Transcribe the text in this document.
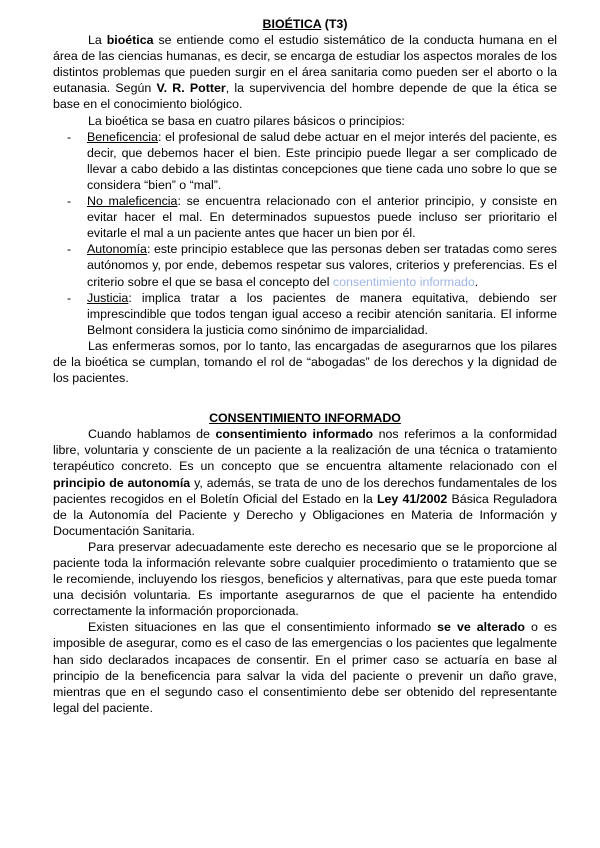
BIOÉTICA (T3)

La bioética se entiende como el estudio sistemático de la conducta humana en el área de las ciencias humanas, es decir, se encarga de estudiar los aspectos morales de los distintos problemas que pueden surgir en el área sanitaria como pueden ser el aborto o la eutanasia. Según V. R. Potter, la supervivencia del hombre depende de que la ética se base en el conocimiento biológico.

La bioética se basa en cuatro pilares básicos o principios:

- Beneficencia: el profesional de salud debe actuar en el mejor interés del paciente, es decir, que debemos hacer el bien. Este principio puede llegar a ser complicado de llevar a cabo debido a las distintas concepciones que tiene cada uno sobre lo que se considera “bien” o “mal”.
- No maleficencia: se encuentra relacionado con el anterior principio, y consiste en evitar hacer el mal. En determinados supuestos puede incluso ser prioritario el evitarle el mal a un paciente antes que hacer un bien por él.
- Autonomía: este principio establece que las personas deben ser tratadas como seres autónomos y, por ende, debemos respetar sus valores, criterios y preferencias. Es el criterio sobre el que se basa el concepto del consentimiento informado.
- Justicia: implica tratar a los pacientes de manera equitativa, debiendo ser imprescindible que todos tengan igual acceso a recibir atención sanitaria. El informe Belmont considera la justicia como sinónimo de imparcialidad.

Las enfermeras somos, por lo tanto, las encargadas de asegurarnos que los pilares de la bioética se cumplan, tomando el rol de “abogadas” de los derechos y la dignidad de los pacientes.

CONSENTIMIENTO INFORMADO

Cuando hablamos de consentimiento informado nos referimos a la conformidad libre, voluntaria y consciente de un paciente a la realización de una técnica o tratamiento terapéutico concreto. Es un concepto que se encuentra altamente relacionado con el principio de autonomía y, además, se trata de uno de los derechos fundamentales de los pacientes recogidos en el Boletín Oficial del Estado en la Ley 41/2002 Básica Reguladora de la Autonomía del Paciente y Derecho y Obligaciones en Materia de Información y Documentación Sanitaria.

Para preservar adecuadamente este derecho es necesario que se le proporcione al paciente toda la información relevante sobre cualquier procedimiento o tratamiento que se le recomiende, incluyendo los riesgos, beneficios y alternativas, para que este pueda tomar una decisión voluntaria. Es importante asegurarnos de que el paciente ha entendido correctamente la información proporcionada.

Existen situaciones en las que el consentimiento informado se ve alterado o es imposible de asegurar, como es el caso de las emergencias o los pacientes que legalmente han sido declarados incapaces de consentir. En el primer caso se actuaría en base al principio de la beneficencia para salvar la vida del paciente o prevenir un daño grave, mientras que en el segundo caso el consentimiento debe ser obtenido del representante legal del paciente.
